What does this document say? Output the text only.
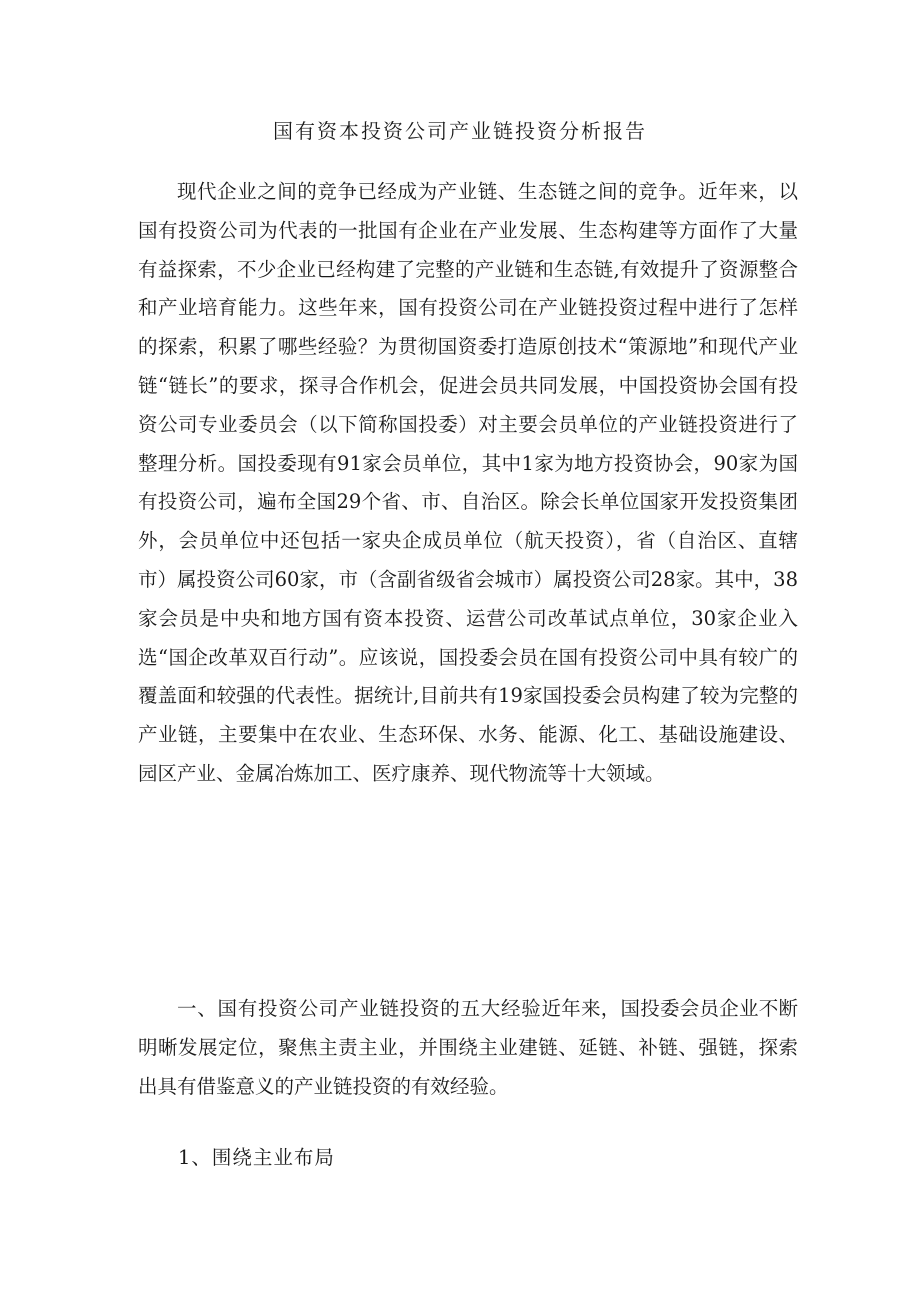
国有资本投资公司产业链投资分析报告

现代企业之间的竞争已经成为产业链、生态链之间的竞争。近年来，以国有投资公司为代表的一批国有企业在产业发展、生态构建等方面作了大量有益探索，不少企业已经构建了完整的产业链和生态链,有效提升了资源整合和产业培育能力。这些年来，国有投资公司在产业链投资过程中进行了怎样的探索，积累了哪些经验？为贯彻国资委打造原创技术“策源地”和现代产业链“链长”的要求，探寻合作机会，促进会员共同发展，中国投资协会国有投资公司专业委员会（以下简称国投委）对主要会员单位的产业链投资进行了整理分析。国投委现有91家会员单位，其中1家为地方投资协会，90家为国有投资公司，遍布全国29个省、市、自治区。除会长单位国家开发投资集团外，会员单位中还包括一家央企成员单位（航天投资），省（自治区、直辖市）属投资公司60家，市（含副省级省会城市）属投资公司28家。其中，38家会员是中央和地方国有资本投资、运营公司改革试点单位，30家企业入选“国企改革双百行动”。应该说，国投委会员在国有投资公司中具有较广的覆盖面和较强的代表性。据统计,目前共有19家国投委会员构建了较为完整的产业链，主要集中在农业、生态环保、水务、能源、化工、基础设施建设、园区产业、金属冶炼加工、医疗康养、现代物流等十大领域。

一、国有投资公司产业链投资的五大经验近年来，国投委会员企业不断明晰发展定位，聚焦主责主业，并围绕主业建链、延链、补链、强链，探索出具有借鉴意义的产业链投资的有效经验。

1、围绕主业布局
